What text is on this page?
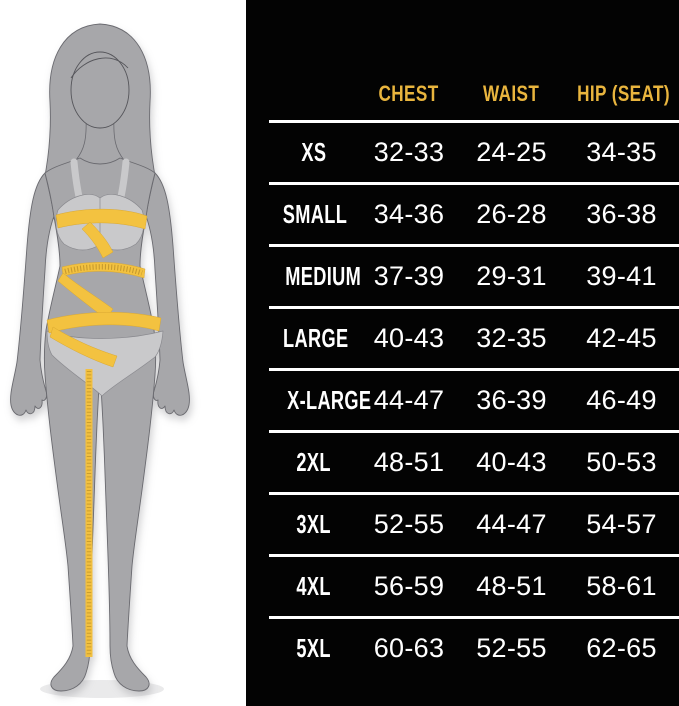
CHEST	WAIST	HIP (SEAT)
XS	32-33	24-25	34-35
SMALL 34-36	26-28	36-38
MEDIUM 37-39	29-31	39-41
LARGE 40-43	32-35	42-45
X-LARGE 44-47	36-39	46-49
2XL	48-51	40-43	50-53
3XL	52-55	44-47	54-57
4XL	56-59	48-51	58-61
5XL	60-63	52-55	62-65
